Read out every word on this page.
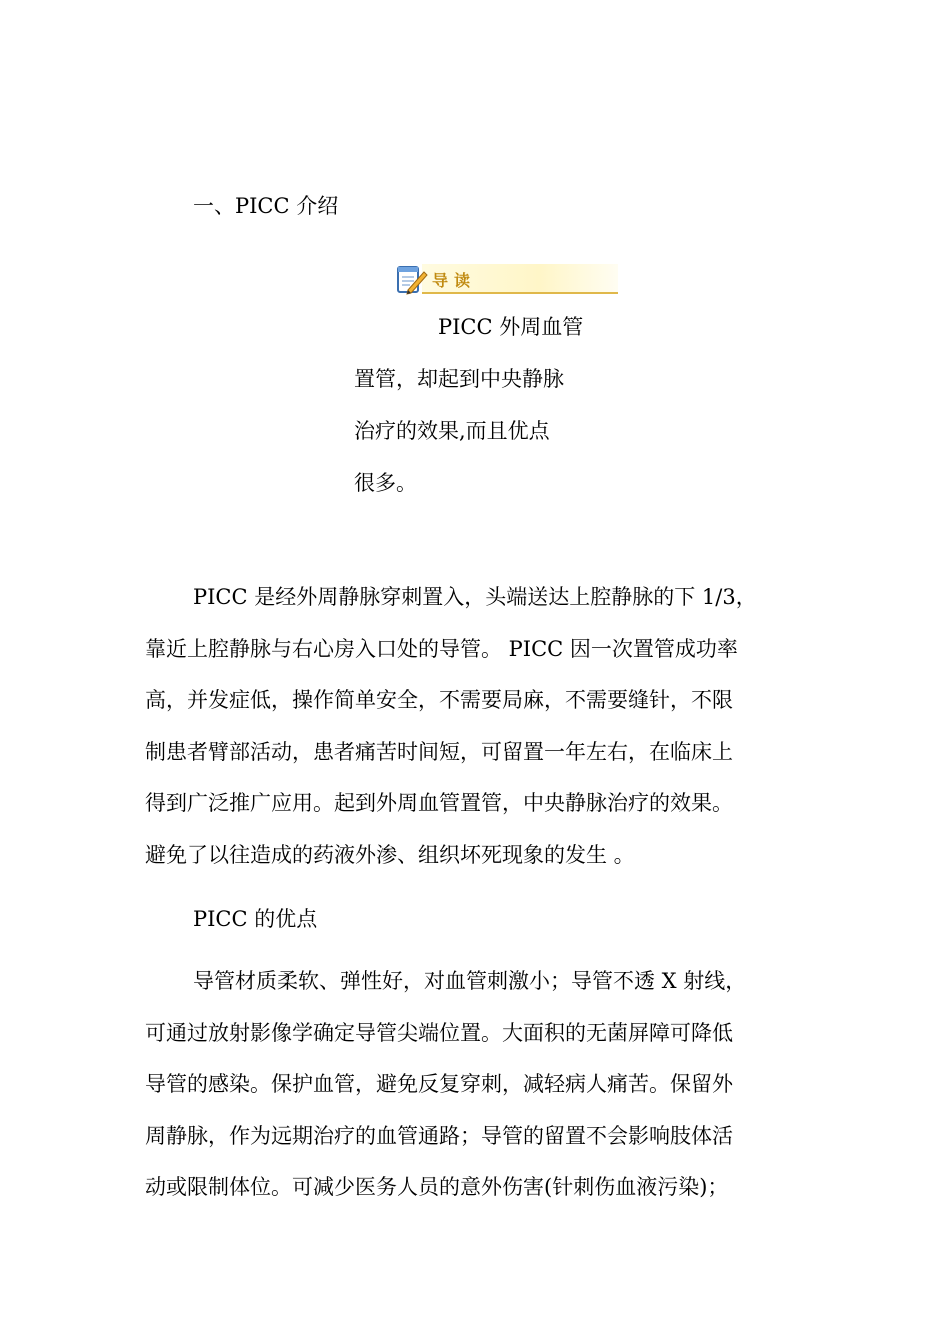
一、PICC 介绍
导读
PICC 外周血管
置管，却起到中央静脉
治疗的效果,而且优点
很多。
PICC 是经外周静脉穿刺置入，头端送达上腔静脉的下 1/3，
靠近上腔静脉与右心房入口处的导管。 PICC 因一次置管成功率
高，并发症低，操作简单安全，不需要局麻，不需要缝针，不限
制患者臂部活动，患者痛苦时间短，可留置一年左右，在临床上
得到广泛推广应用。起到外周血管置管，中央静脉治疗的效果。
避免了以往造成的药液外渗、组织坏死现象的发生 。
PICC 的优点
导管材质柔软、弹性好，对血管刺激小；导管不透 X 射线，
可通过放射影像学确定导管尖端位置。大面积的无菌屏障可降低
导管的感染。保护血管，避免反复穿刺，减轻病人痛苦。保留外
周静脉，作为远期治疗的血管通路；导管的留置不会影响肢体活
动或限制体位。可减少医务人员的意外伤害(针刺伤血液污染)；
